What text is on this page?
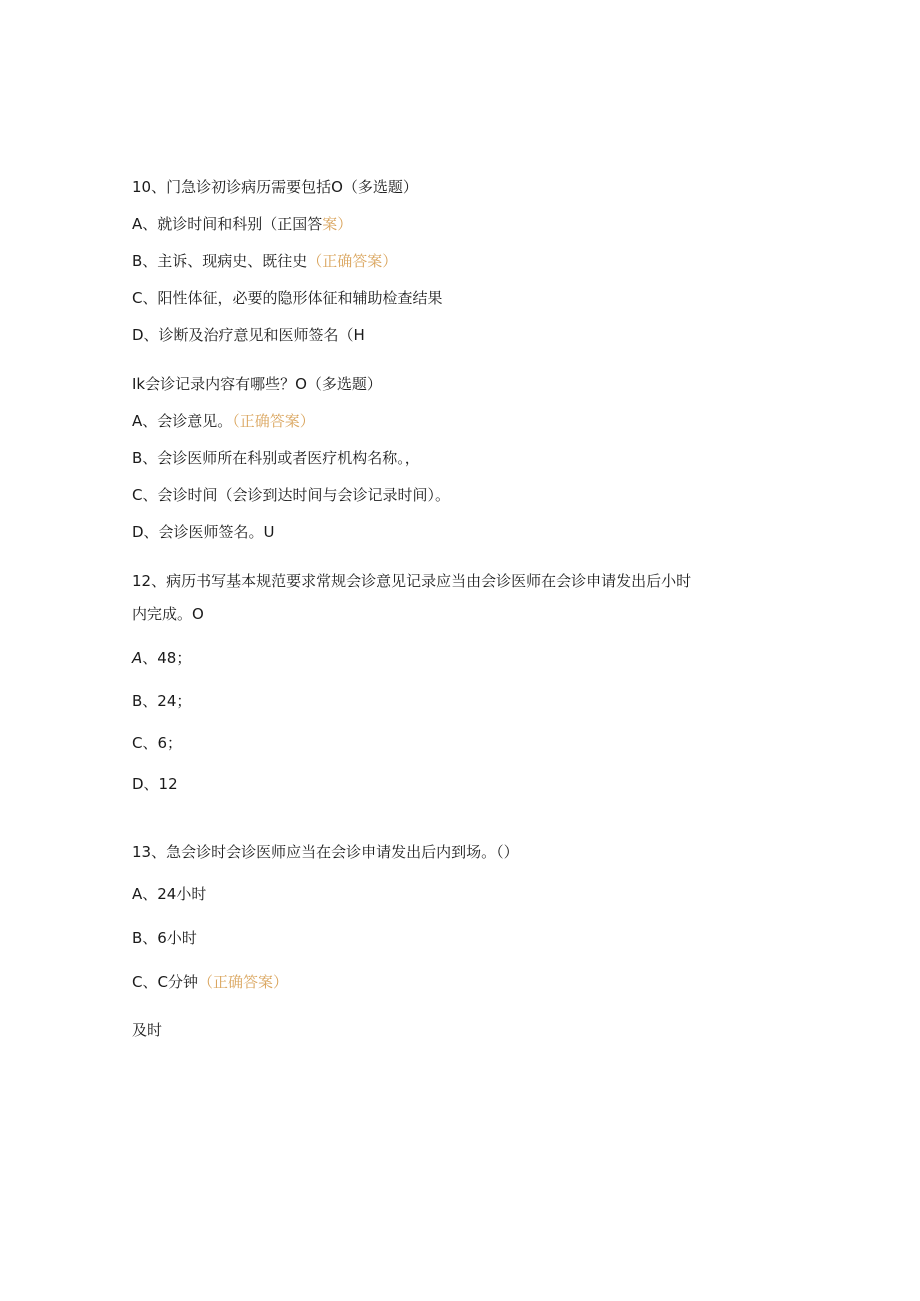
10、门急诊初诊病历需要包括O（多选题）
A、就诊时间和科别（正国答案）
B、主诉、现病史、既往史（正确答案）
C、阳性体征，必要的隐形体征和辅助检查结果
D、诊断及治疗意见和医师签名（H
Ik会诊记录内容有哪些？O（多选题）
A、会诊意见。（正确答案）
B、会诊医师所在科别或者医疗机构名称。，
C、会诊时间（会诊到达时间与会诊记录时间）。
D、会诊医师签名。U
12、病历书写基本规范要求常规会诊意见记录应当由会诊医师在会诊申请发出后小时
内完成。O
A、48；
B、24；
C、6；
D、12
13、急会诊时会诊医师应当在会诊申请发出后内到场。（）
A、24小时
B、6小时
C、C分钟（正确答案）
及时
